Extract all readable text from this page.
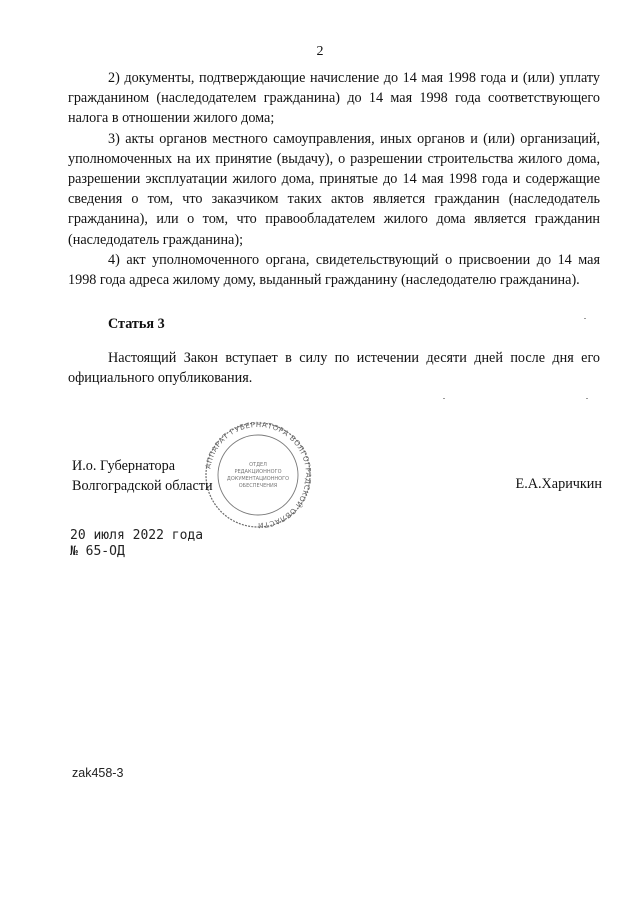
2

2) документы, подтверждающие начисление до 14 мая 1998 года и (или) уплату гражданином (наследодателем гражданина) до 14 мая 1998 года соответствующего налога в отношении жилого дома;

3) акты органов местного самоуправления, иных органов и (или) организаций, уполномоченных на их принятие (выдачу), о разрешении строительства жилого дома, разрешении эксплуатации жилого дома, принятые до 14 мая 1998 года и содержащие сведения о том, что заказчиком таких актов является гражданин (наследодатель гражданина), или о том, что правообладателем жилого дома является гражданин (наследодатель гражданина);

4) акт уполномоченного органа, свидетельствующий о присвоении до 14 мая 1998 года адреса жилому дому, выданный гражданину (наследодателю гражданина).

Статья 3

Настоящий Закон вступает в силу по истечении десяти дней после дня его официального опубликования.

АППАРАТ ГУБЕРНАТОРА ВОЛГОГРАДСКОЙ ОБЛАСТИ
ОТДЕЛ
РЕДАКЦИОННОГО
ДОКУМЕНТАЦИОННОГО
ОБЕСПЕЧЕНИЯ
И.о. Губернатора
Волгоградской области	Е.А.Харичкин
20 июля 2022 года
№ 65-ОД
zak458-3
